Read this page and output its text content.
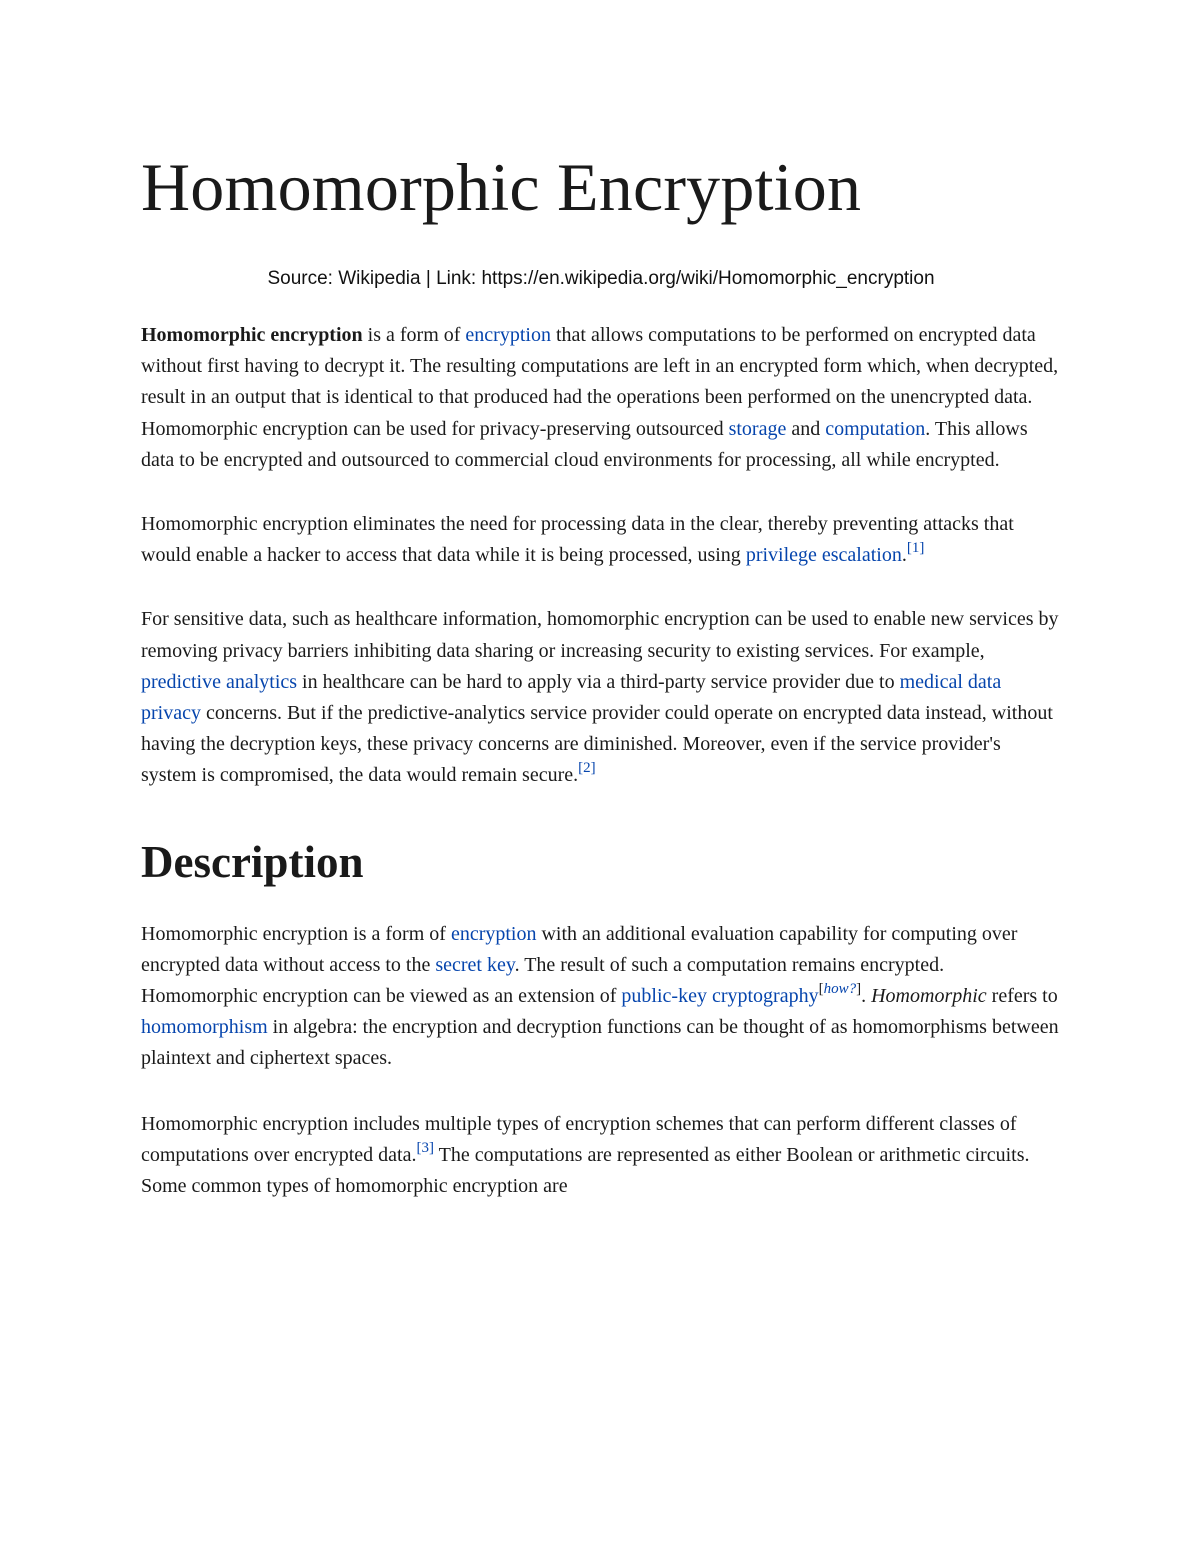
Homomorphic Encryption
Source: Wikipedia | Link: https://en.wikipedia.org/wiki/Homomorphic_encryption

Homomorphic encryption is a form of encryption that allows computations to be performed on encrypted data without first having to decrypt it. The resulting computations are left in an encrypted form which, when decrypted, result in an output that is identical to that produced had the operations been performed on the unencrypted data. Homomorphic encryption can be used for privacy-preserving outsourced storage and computation. This allows data to be encrypted and outsourced to commercial cloud environments for processing, all while encrypted.

Homomorphic encryption eliminates the need for processing data in the clear, thereby preventing attacks that would enable a hacker to access that data while it is being processed, using privilege escalation.[1]

For sensitive data, such as healthcare information, homomorphic encryption can be used to enable new services by removing privacy barriers inhibiting data sharing or increasing security to existing services. For example, predictive analytics in healthcare can be hard to apply via a third-party service provider due to medical data privacy concerns. But if the predictive-analytics service provider could operate on encrypted data instead, without having the decryption keys, these privacy concerns are diminished. Moreover, even if the service provider's system is compromised, the data would remain secure.[2]

Description

Homomorphic encryption is a form of encryption with an additional evaluation capability for computing over encrypted data without access to the secret key. The result of such a computation remains encrypted. Homomorphic encryption can be viewed as an extension of public-key cryptography[how?]. Homomorphic refers to homomorphism in algebra: the encryption and decryption functions can be thought of as homomorphisms between plaintext and ciphertext spaces.

Homomorphic encryption includes multiple types of encryption schemes that can perform different classes of computations over encrypted data.[3] The computations are represented as either Boolean or arithmetic circuits. Some common types of homomorphic encryption are
